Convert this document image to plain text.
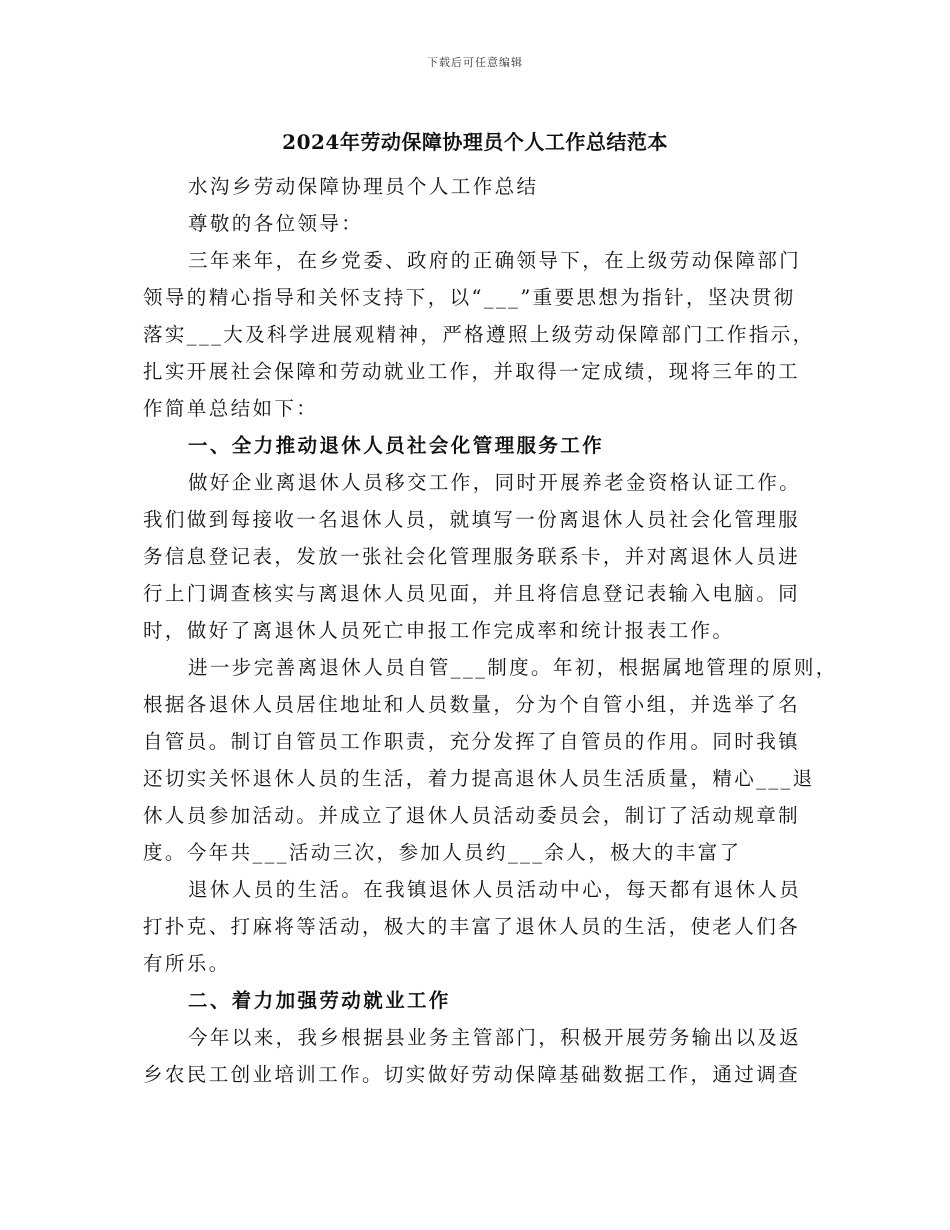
下载后可任意编辑
2024年劳动保障协理员个人工作总结范本
水沟乡劳动保障协理员个人工作总结
尊敬的各位领导：
三年来年，在乡党委、政府的正确领导下，在上级劳动保障部门
领导的精心指导和关怀支持下，以“___”重要思想为指针，坚决贯彻
落实___大及科学进展观精神，严格遵照上级劳动保障部门工作指示，
扎实开展社会保障和劳动就业工作，并取得一定成绩，现将三年的工
作简单总结如下：
一、全力推动退休人员社会化管理服务工作
做好企业离退休人员移交工作，同时开展养老金资格认证工作。
我们做到每接收一名退休人员，就填写一份离退休人员社会化管理服
务信息登记表，发放一张社会化管理服务联系卡，并对离退休人员进
行上门调查核实与离退休人员见面，并且将信息登记表输入电脑。同
时，做好了离退休人员死亡申报工作完成率和统计报表工作。
进一步完善离退休人员自管___制度。年初，根据属地管理的原则，
根据各退休人员居住地址和人员数量，分为个自管小组，并选举了名
自管员。制订自管员工作职责，充分发挥了自管员的作用。同时我镇
还切实关怀退休人员的生活，着力提高退休人员生活质量，精心___退
休人员参加活动。并成立了退休人员活动委员会，制订了活动规章制
度。今年共___活动三次，参加人员约___余人，极大的丰富了
退休人员的生活。在我镇退休人员活动中心，每天都有退休人员
打扑克、打麻将等活动，极大的丰富了退休人员的生活，使老人们各
有所乐。
二、着力加强劳动就业工作
今年以来，我乡根据县业务主管部门，积极开展劳务输出以及返
乡农民工创业培训工作。切实做好劳动保障基础数据工作，通过调查
